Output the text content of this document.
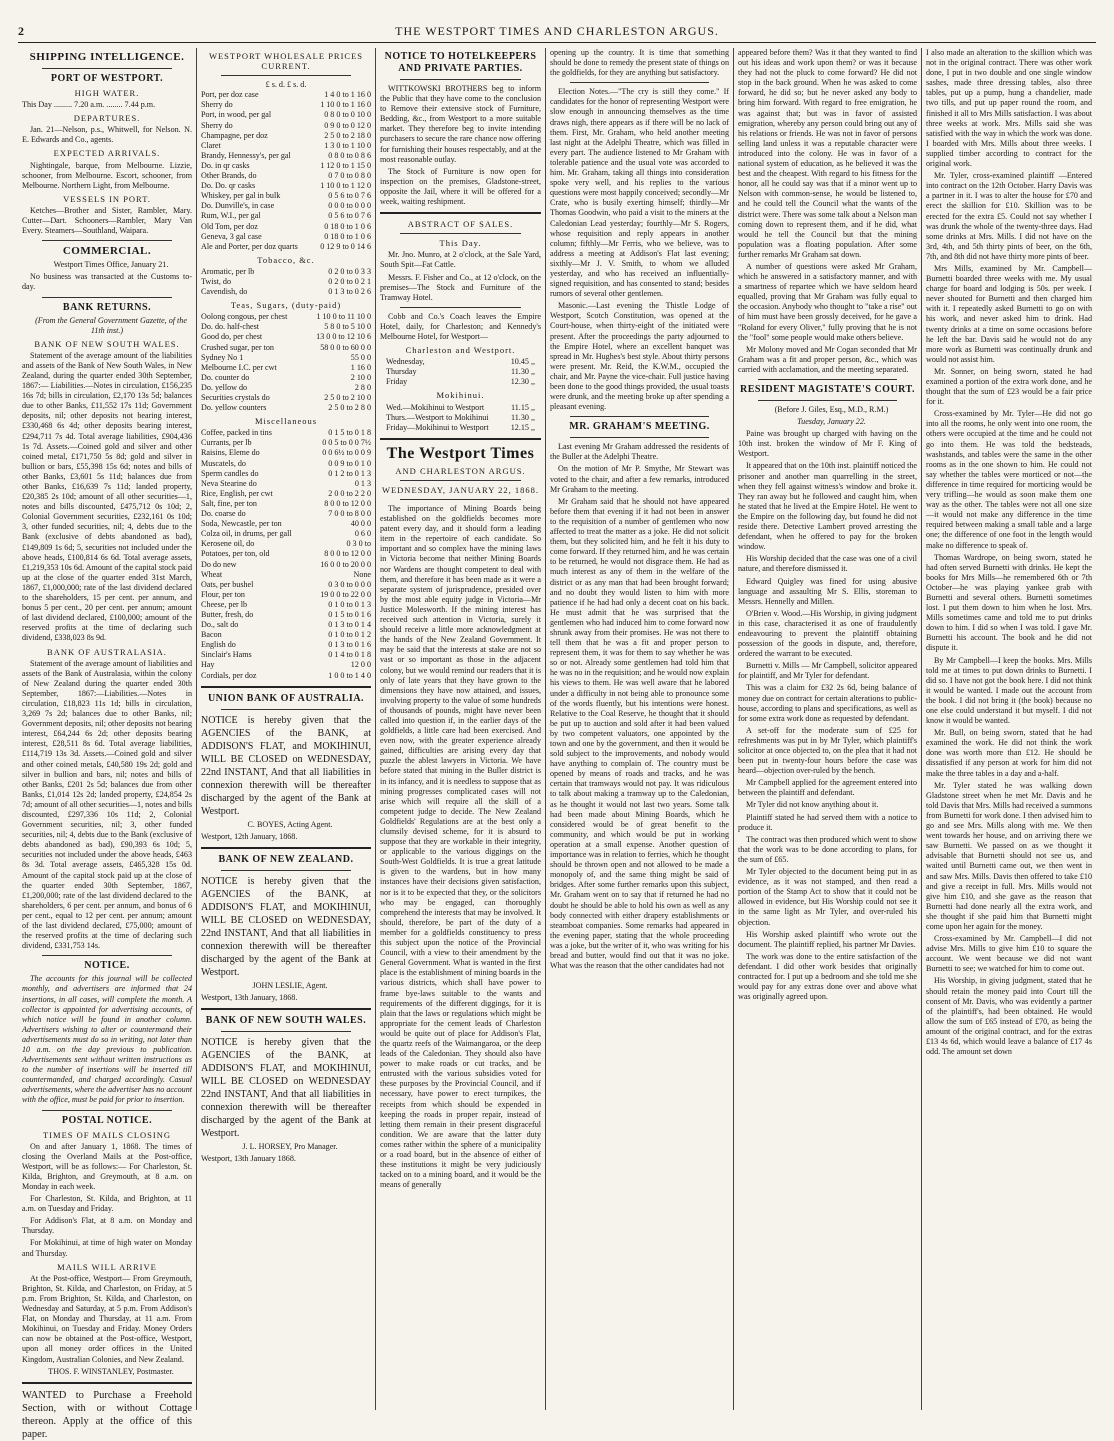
2	THE WESTPORT TIMES AND CHARLESTON ARGUS.
SHIPPING INTELLIGENCE.
PORT OF WESTPORT.
HIGH WATER.

This Day ......... 7.20 a.m. ........ 7.44 p.m.

DEPARTURES.

Jan. 21—Nelson, p.s., Whitwell, for Nelson. N. E. Edwards and Co., agents.

EXPECTED ARRIVALS.

Nightingale, barque, from Melbourne. Lizzie, schooner, from Melbourne. Escort, schooner, from Melbourne. Northern Light, from Melbourne.

VESSELS IN PORT.

Ketches—Brother and Sister, Rambler, Mary. Cutter—Dart. Schooners—Rambler, Mary Van Every. Steamers—Southland, Waipara.

COMMERCIAL.

Westport Times Office, January 21.

No business was transacted at the Customs to-day.

BANK RETURNS.

(From the General Government Gazette, of the 11th inst.)

BANK OF NEW SOUTH WALES.

Statement of the average amount of the liabilities and assets of the Bank of New South Wales, in New Zealand, during the quarter ended 30th September, 1867:— Liabilities.—Notes in circulation, £156,235 16s 7d; bills in circulation, £2,170 13s 5d; balances due to other Banks, £11,552 17s 11d; Government deposits, nil; other deposits not bearing interest, £330,468 6s 4d; other deposits bearing interest, £294,711 7s 4d. Total average liabilities, £904,436 1s 7d. Assets.—Coined gold and silver and other coined metal, £171,750 5s 8d; gold and silver in bullion or bars, £55,398 15s 6d; notes and bills of other Banks, £3,601 5s 11d; balances due from other Banks, £16,639 7s 11d; landed property, £20,385 2s 10d; amount of all other securities—1, notes and bills discounted, £475,712 0s 10d; 2, Colonial Government securities, £232,161 0s 10d; 3, other funded securities, nil; 4, debts due to the Bank (exclusive of debts abandoned as bad), £149,809 1s 6d; 5, securities not included under the above heads, £100,814 6s 6d. Total average assets, £1,219,353 10s 6d. Amount of the capital stock paid up at the close of the quarter ended 31st March, 1867, £1,000,000; rate of the last dividend declared to the shareholders, 15 per cent. per annum, and bonus 5 per cent., 20 per cent. per annum; amount of last dividend declared, £100,000; amount of the reserved profits at the time of declaring such dividend, £338,023 8s 9d.

BANK OF AUSTRALASIA.

Statement of the average amount of liabilities and assets of the Bank of Australasia, within the colony of New Zealand during the quarter ended 30th September, 1867:—Liabilities.—Notes in circulation, £18,823 11s 1d; bills in circulation, 3,269 7s 2d; balances due to other Banks, nil; Government deposits, nil; other deposits not bearing interest, £64,244 6s 2d; other deposits bearing interest, £28,511 8s 6d. Total average liabilities, £114,719 13s 3d. Assets.—Coined gold and silver and other coined metals, £40,580 19s 2d; gold and silver in bullion and bars, nil; notes and bills of other Banks, £201 2s 5d; balances due from other Banks, £1,014 12s 2d; landed property, £24,854 2s 7d; amount of all other securities—1, notes and bills discounted, £297,336 10s 11d; 2, Colonial Government securities, nil; 3, other funded securities, nil; 4, debts due to the Bank (exclusive of debts abandoned as bad), £90,393 6s 10d; 5, securities not included under the above heads, £463 8s 3d. Total average assets, £465,328 15s 0d. Amount of the capital stock paid up at the close of the quarter ended 30th September, 1867, £1,200,000; rate of the last dividend declared to the shareholders, 6 per cent. per annum, and bonus of 6 per cent., equal to 12 per cent. per annum; amount of the last dividend declared, £75,000; amount of the reserved profits at the time of declaring such dividend, £331,753 14s.

NOTICE.

The accounts for this journal will be collected monthly, and advertisers are informed that 24 insertions, in all cases, will complete the month. A collector is appointed for advertising accounts, of which notice will be found in another column. Advertisers wishing to alter or countermand their advertisements must do so in writing, not later than 10 a.m. on the day previous to publication. Advertisements sent without written instructions as to the number of insertions will be inserted till countermanded, and charged accordingly. Casual advertisements, where the advertiser has no account with the office, must be paid for prior to insertion.

POSTAL NOTICE.
TIMES OF MAILS CLOSING

On and after January 1, 1868. The times of closing the Overland Mails at the Post-office, Westport, will be as follows:— For Charleston, St. Kilda, Brighton, and Greymouth, at 8 a.m. on Monday in each week.

For Charleston, St. Kilda, and Brighton, at 11 a.m. on Tuesday and Friday.

For Addison's Flat, at 8 a.m. on Monday and Thursday.

For Mokihinui, at time of high water on Monday and Thursday.

MAILS WILL ARRIVE

At the Post-office, Westport— From Greymouth, Brighton, St. Kilda, and Charleston, on Friday, at 5 p.m. From Brighton, St. Kilda, and Charleston, on Wednesday and Saturday, at 5 p.m. From Addison's Flat, on Monday and Thursday, at 11 a.m. From Mokihinui, on Tuesday and Friday. Money Orders can now be obtained at the Post-office, Westport, upon all money order offices in the United Kingdom, Australian Colonies, and New Zealand.

THOS. F. WINSTANLEY, Postmaster.

WANTED to Purchase a Freehold Section, with or without Cottage thereon. Apply at the office of this paper.

WESTPORT WHOLESALE PRICES CURRENT.
£ s. d. £ s. d.
Port, per doz case	1 4 0 to 1 16 0
Sherry do	1 10 0 to 1 16 0
Port, in wood, per gal	0 8 0 to 0 10 0
Sherry do	0 9 0 to 0 12 0
Champagne, per doz	2 5 0 to 2 18 0
Claret	1 3 0 to 1 10 0
Brandy, Hennessy's, per gal	0 8 0 to 0 8 6
Do. in qr casks	1 12 0 to 1 15 0
Other Brands, do	0 7 0 to 0 8 0
Do. Do. qr casks	1 10 0 to 1 12 0
Whiskey, per gal in bulk	0 5 6 to 0 7 6
Do. Dunville's, in case	0 0 0 to 0 0 0
Rum, W.I., per gal	0 5 6 to 0 7 6
Old Tom, per doz	0 18 0 to 1 0 6
Geneva, 3 gal case	0 18 0 to 1 0 6
Ale and Porter, per doz quarts	0 12 9 to 0 14 6
Tobacco, &c.
Aromatic, per lb	0 2 0 to 0 3 3
Twist, do	0 2 0 to 0 2 1
Cavendish, do	0 1 3 to 0 2 6
Teas, Sugars, (duty-paid)
Oolong congous, per chest	1 10 0 to 11 10 0
Do. do. half-chest	5 8 0 to 5 10 0
Good do, per chest	13 0 0 to 12 10 6
Crushed sugar, per ton	58 0 0 to 60 0 0
Sydney No 1	55 0 0
Melbourne I.C. per cwt	1 16 0
Do. counter do	2 10 0
Do. yellow do	2 8 0
Securities crystals do	2 5 0 to 2 10 0
Do. yellow counters	2 5 0 to 2 8 0
Miscellaneous
Coffee, packed in tins	0 1 5 to 0 1 8
Currants, per lb	0 0 5 to 0 0 7½
Raisins, Eleme do	0 0 6½ to 0 0 9
Muscatels, do	0 0 9 to 0 1 0
Sperm candles do	0 1 2 to 0 1 3
Neva Stearine do	0 1 3
Rice, English, per cwt	2 0 0 to 2 2 0
Salt, fine, per ton	8 0 0 to 12 0 0
Do. coarse do	7 0 0 to 8 0 0
Soda, Newcastle, per ton	40 0 0
Colza oil, in drums, per gall	0 6 0
Kerosene oil, do	0 3 0 to
Potatoes, per ton, old	8 0 0 to 12 0 0
Do do new	16 0 0 to 20 0 0
Wheat	None
Oats, per bushel	0 3 0 to 0 0 0
Flour, per ton	19 0 0 to 22 0 0
Cheese, per lb	0 1 0 to 0 1 3
Butter, fresh, do	0 1 5 to 0 1 6
Do., salt do	0 1 3 to 0 1 4
Bacon	0 1 0 to 0 1 2
English do	0 1 3 to 0 1 6
Sinclair's Hams	0 1 4 to 0 1 8
Hay	12 0 0
Cordials, per doz	1 0 0 to 1 4 0
UNION BANK OF AUSTRALIA.

NOTICE is hereby given that the AGENCIES of the BANK, at ADDISON'S FLAT, and MOKIHINUI, WILL BE CLOSED on WEDNESDAY, 22nd INSTANT, And that all liabilities in connexion therewith will be thereafter discharged by the agent of the Bank at Westport.

C. BOYES, Acting Agent.

Westport, 12th January, 1868.

BANK OF NEW ZEALAND.

NOTICE is hereby given that the AGENCIES of the BANK, at ADDISON'S FLAT, and MOKIHINUI, WILL BE CLOSED on WEDNESDAY, 22nd INSTANT, And that all liabilities in connexion therewith will be thereafter discharged by the agent of the Bank at Westport.

JOHN LESLIE, Agent.

Westport, 13th January, 1868.

BANK OF NEW SOUTH WALES.

NOTICE is hereby given that the AGENCIES of the BANK, at ADDISON'S FLAT, and MOKIHINUI, WILL BE CLOSED on WEDNESDAY 22nd INSTANT, And that all liabilities in connexion therewith will be thereafter discharged by the agent of the Bank at Westport.

J. L. HORSEY, Pro Manager.

Westport, 13th January 1868.

NOTICE TO HOTELKEEPERS AND PRIVATE PARTIES.

WITTKOWSKI BROTHERS beg to inform the Public that they have come to the conclusion to Remove their extensive stock of Furniture, Bedding, &c., from Westport to a more suitable market. They therefore beg to invite intending purchasers to secure the rare chance now offering for furnishing their houses respectably, and at the most reasonable outlay.

The Stock of Furniture is now open for inspection on the premises, Gladstone-street, opposite the Jail, where it will be offered for a week, waiting reshipment.

ABSTRACT OF SALES.
This Day.

Mr. Jno. Munro, at 2 o'clock, at the Sale Yard, South Spit—Fat Cattle.

Messrs. F. Fisher and Co., at 12 o'clock, on the premises—The Stock and Furniture of the Tramway Hotel.

Cobb and Co.'s Coach leaves the Empire Hotel, daily, for Charleston; and Kennedy's Melbourne Hotel, for Westport—

Charleston and Westport.
Wednesday,	10.45 ,,
Thursday	11.30 ,,
Friday	12.30 ,,
Mokihinui.
Wed.—Mokihinui to Westport	11.15 ,,
Thurs.—Westport to Mokihinui	11.30 ,,
Friday—Mokihinui to Westport	12.15 ,,
The Westport Times
AND CHARLESTON ARGUS.
WEDNESDAY, JANUARY 22, 1868.

The importance of Mining Boards being established on the goldfields becomes more patent every day, and it should form a leading item in the repertoire of each candidate. So important and so complex have the mining laws in Victoria become that neither Mining Boards nor Wardens are thought competent to deal with them, and therefore it has been made as it were a separate system of jurisprudence, presided over by the most able equity judge in Victoria—Mr Justice Molesworth. If the mining interest has received such attention in Victoria, surely it should receive a little more acknowledgment at the hands of the New Zealand Government. It may be said that the interests at stake are not so vast or so important as those in the adjacent colony, but we would remind our readers that it is only of late years that they have grown to the dimensions they have now attained, and issues, involving property to the value of some hundreds of thousands of pounds, might have never been called into question if, in the earlier days of the goldfields, a little care had been exercised. And even now, with the greater experience already gained, difficulties are arising every day that puzzle the ablest lawyers in Victoria. We have before stated that mining in the Buller district is in its infancy, and it is needless to suppose that as mining progresses complicated cases will not arise which will require all the skill of a competent judge to decide. The New Zealand Goldfields' Regulations are at the best only a clumsily devised scheme, for it is absurd to suppose that they are workable in their integrity, or applicable to the various diggings on the South-West Goldfields. It is true a great latitude is given to the wardens, but in how many instances have their decisions given satisfaction, nor is it to be expected that they, or the solicitors who may be engaged, can thoroughly comprehend the interests that may be involved. It should, therefore, be part of the duty of a member for a goldfields constituency to press this subject upon the notice of the Provincial Council, with a view to their amendment by the General Government. What is wanted in the first place is the establishment of mining boards in the various districts, which shall have power to frame bye-laws suitable to the wants and requirements of the different diggings, for it is plain that the laws or regulations which might be appropriate for the cement leads of Charleston would be quite out of place for Addison's Flat, the quartz reefs of the Waimangaroa, or the deep leads of the Caledonian. They should also have power to make roads or cut tracks, and be entrusted with the various subsidies voted for these purposes by the Provincial Council, and if necessary, have power to erect turnpikes, the receipts from which should be expended in keeping the roads in proper repair, instead of letting them remain in their present disgraceful condition. We are aware that the latter duty comes rather within the sphere of a municipality or a road board, but in the absence of either of these institutions it might be very judiciously tacked on to a mining board, and it would be the means of generally

opening up the country. It is time that something should be done to remedy the present state of things on the goldfields, for they are anything but satisfactory.

Election Notes.—"The cry is still they come." If candidates for the honor of representing Westport were slow enough in announcing themselves as the time draws nigh, there appears as if there will be no lack of them. First, Mr. Graham, who held another meeting last night at the Adelphi Theatre, which was filled in every part. The audience listened to Mr Graham with tolerable patience and the usual vote was accorded to him. Mr. Graham, taking all things into consideration spoke very well, and his replies to the various questions were most happily conceived; secondly—Mr Crate, who is busily exerting himself; thirdly—Mr Thomas Goodwin, who paid a visit to the miners at the Caledonian Lead yesterday; fourthly—Mr S. Rogers, whose requisition and reply appears in another column; fifthly—Mr Ferris, who we believe, was to address a meeting at Addison's Flat last evening; sixthly—Mr J. V. Smith, to whom we alluded yesterday, and who has received an influentially-signed requisition, and has consented to stand; besides rumors of several other gentlemen.

Masonic.—Last evening the Thistle Lodge of Westport, Scotch Constitution, was opened at the Court-house, when thirty-eight of the initiated were present. After the proceedings the party adjourned to the Empire Hotel, where an excellent banquet was spread in Mr. Hughes's best style. About thirty persons were present. Mr. Reid, the K.W.M., occupied the chair, and Mr. Payne the vice-chair. Full justice having been done to the good things provided, the usual toasts were drunk, and the meeting broke up after spending a pleasant evening.

MR. GRAHAM'S MEETING.

Last evening Mr Graham addressed the residents of the Buller at the Adelphi Theatre.

On the motion of Mr P. Smythe, Mr Stewart was voted to the chair, and after a few remarks, introduced Mr Graham to the meeting.

Mr Graham said that he should not have appeared before them that evening if it had not been in answer to the requisition of a number of gentlemen who now affected to treat the matter as a joke. He did not solicit them, but they solicited him, and he felt it his duty to come forward. If they returned him, and he was certain to be returned, he would not disgrace them. He had as much interest as any of them in the welfare of the district or as any man that had been brought forward; and no doubt they would listen to him with more patience if he had had only a decent coat on his back. He must admit that he was surprised that the gentlemen who had induced him to come forward now shrunk away from their promises. He was not there to tell them that he was a fit and proper person to represent them, it was for them to say whether he was so or not. Already some gentlemen had told him that he was no in the requisition; and he would now explain his views to them. He was well aware that he labored under a difficulty in not being able to pronounce some of the words fluently, but his intentions were honest. Relative to the Coal Reserve, he thought that it should be put up to auction and sold after it had been valued by two competent valuators, one appointed by the town and one by the government, and then it would be sold subject to the improvements, and nobody would have anything to complain of. The country must be opened by means of roads and tracks, and he was certain that tramways would not pay. It was ridiculous to talk about making a tramway up to the Caledonian, as he thought it would not last two years. Some talk had been made about Mining Boards, which he considered would be of great benefit to the community, and which would be put in working operation at a small expense. Another question of importance was in relation to ferries, which he thought should be thrown open and not allowed to be made a monopoly of, and the same thing might be said of bridges. After some further remarks upon this subject, Mr. Graham went on to say that if returned he had no doubt he should be able to hold his own as well as any body connected with either drapery establishments or steamboat companies. Some remarks had appeared in the evening paper, stating that the whole proceeding was a joke, but the writer of it, who was writing for his bread and butter, would find out that it was no joke. What was the reason that the other candidates had not

appeared before them? Was it that they wanted to find out his ideas and work upon them? or was it because they had not the pluck to come forward? He did not stop in the back ground. When he was asked to come forward, he did so; but he never asked any body to bring him forward. With regard to free emigration, he was against that; but was in favor of assisted emigration, whereby any person could bring out any of his relations or friends. He was not in favor of persons selling land unless it was a reputable character were introduced into the colony. He was in favor of a national system of education, as he believed it was the best and the cheapest. With regard to his fitness for the honor, all he could say was that if a minor went up to Nelson with common-sense, he would be listened to, and he could tell the Council what the wants of the district were. There was some talk about a Nelson man coming down to represent them, and if he did, what would he tell the Council but that the mining population was a floating population. After some further remarks Mr Graham sat down.

A number of questions were asked Mr Graham, which he answered in a satisfactory manner, and with a smartness of repartee which we have seldom heard equalled, proving that Mr Graham was fully equal to the occasion. Anybody who thought to "take a rise" out of him must have been grossly deceived, for he gave a "Roland for every Oliver," fully proving that he is not the "fool" some people would make others believe.

Mr Molony moved and Mr Cogan seconded that Mr Graham was a fit and proper person, &c., which was carried with acclamation, and the meeting separated.

RESIDENT MAGISTATE'S COURT.

(Before J. Giles, Esq., M.D., R.M.)

Tuesday, January 22.

Paine was brought up charged with having on the 10th inst. broken the window of Mr F. King of Westport.

It appeared that on the 10th inst. plaintiff noticed the prisoner and another man quarrelling in the street, when they fell against witness's window and broke it. They ran away but he followed and caught him, when he stated that he lived at the Empire Hotel. He went to the Empire on the following day, but found he did not reside there. Detective Lambert proved arresting the defendant, when he offered to pay for the broken window.

His Worship decided that the case was one of a civil nature, and therefore dismissed it.

Edward Quigley was fined for using abusive language and assaulting Mr S. Ellis, storeman to Messrs. Hennelly and Millen.

O'Brien v. Wood.—His Worship, in giving judgment in this case, characterised it as one of fraudulently endeavouring to prevent the plaintiff obtaining possession of the goods in dispute, and, therefore, ordered the warrant to be executed.

Burnetti v. Mills — Mr Campbell, solicitor appeared for plaintiff, and Mr Tyler for defendant.

This was a claim for £32 2s 6d, being balance of money due on contract for certain alterations to public-house, according to plans and specifications, as well as for some extra work done as requested by defendant.

A set-off for the moderate sum of £25 for refreshments was put in by Mr Tyler, which plaintiff's solicitor at once objected to, on the plea that it had not been put in twenty-four hours before the case was heard—objection over-ruled by the bench.

Mr Campbell applied for the agreement entered into between the plaintiff and defendant.

Mr Tyler did not know anything about it.

Plaintiff stated he had served them with a notice to produce it.

The contract was then produced which went to show that the work was to be done according to plans, for the sum of £65.

Mr Tyler objected to the document being put in as evidence, as it was not stamped, and then read a portion of the Stamp Act to show that it could not be allowed in evidence, but His Worship could not see it in the same light as Mr Tyler, and over-ruled his objection.

His Worship asked plaintiff who wrote out the document. The plaintiff replied, his partner Mr Davies.

The work was done to the entire satisfaction of the defendant. I did other work besides that originally contracted for. I put up a bedroom and she told me she would pay for any extras done over and above what was originally agreed upon.

I also made an alteration to the skillion which was not in the original contract. There was other work done, I put in two double and one single window sashes, made three dressing tables, also three tables, put up a pump, hung a chandelier, made two tills, and put up paper round the room, and finished it all to Mrs Mills satisfaction. I was about three weeks at work. Mrs. Mills said she was satisfied with the way in which the work was done. I boarded with Mrs. Mills about three weeks. I supplied timber according to contract for the original work.

Mr. Tyler, cross-examined plaintiff —Entered into contract on the 12th October. Harry Davis was a partner in it. I was to alter the house for £70 and erect the skillion for £10. Skillion was to be erected for the extra £5. Could not say whether I was drunk the whole of the twenty-three days. Had some drinks at Mrs. Mills. I did not have on the 3rd, 4th, and 5th thirty pints of beer, on the 6th, 7th, and 8th did not have thirty more pints of beer.

Mrs Mills, examined by Mr. Campbell—Burnetti boarded three weeks with me. My usual charge for board and lodging is 50s. per week. I never shouted for Burnetti and then charged him with it. I repeatedly asked Burnetti to go on with his work, and never asked him to drink. Had twenty drinks at a time on some occasions before he left the bar. Davis said he would not do any more work as Burnetti was continually drunk and would not assist him.

Mr. Sonner, on being sworn, stated he had examined a portion of the extra work done, and he thought that the sum of £23 would be a fair price for it.

Cross-examined by Mr. Tyler—He did not go into all the rooms, he only went into one room, the others were occupied at the time and he could not go into them. He was told the bedsteads, washstands, and tables were the same in the other rooms as in the one shown to him. He could not say whether the tables were morticed or not—the difference in time required for morticing would be very trifling—he would as soon make them one way as the other. The tables were not all one size—it would not make any difference in the time required between making a small table and a large one; the difference of one foot in the length would make no difference to speak of.

Thomas Wardrope, on being sworn, stated he had often served Burnetti with drinks. He kept the books for Mrs Mills—he remembered 6th or 7th October—he was playing yankee grab with Burnetti and several others. Burnetti sometimes lost. I put them down to him when he lost. Mrs. Mills sometimes came and told me to put drinks down to him. I did so when I was told. I gave Mr. Burnetti his account. The book and he did not dispute it.

By Mr Campbell—I keep the books. Mrs. Mills told me at times to put down drinks to Burnetti. I did so. I have not got the book here. I did not think it would be wanted. I made out the account from the book. I did not bring it (the book) because no one else could understand it but myself. I did not know it would be wanted.

Mr. Bull, on being sworn, stated that he had examined the work. He did not think the work done was worth more than £12. He should be dissatisfied if any person at work for him did not make the three tables in a day and a-half.

Mr. Tyler stated he was walking down Gladstone street when he met Mr. Davis and he told Davis that Mrs. Mills had received a summons from Burnetti for work done. I then advised him to go and see Mrs. Mills along with me. We then went towards her house, and on arriving there we saw Burnetti. We passed on as we thought it advisable that Burnetti should not see us, and waited until Burnetti came out, we then went in and saw Mrs. Mills. Davis then offered to take £10 and give a receipt in full. Mrs. Mills would not give him £10, and she gave as the reason that Burnetti had done nearly all the extra work, and she thought if she paid him that Burnetti might come upon her again for the money.

Cross-examined by Mr. Campbell—I did not advise Mrs. Mills to give him £10 to square the account. We went because we did not want Burnetti to see; we watched for him to come out.

His Worship, in giving judgment, stated that he should retain the money paid into Court till the consent of Mr. Davis, who was evidently a partner of the plaintiff's, had been obtained. He would allow the sum of £65 instead of £70, as being the amount of the original contract, and for the extras £13 4s 6d, which would leave a balance of £17 4s odd. The amount set down
